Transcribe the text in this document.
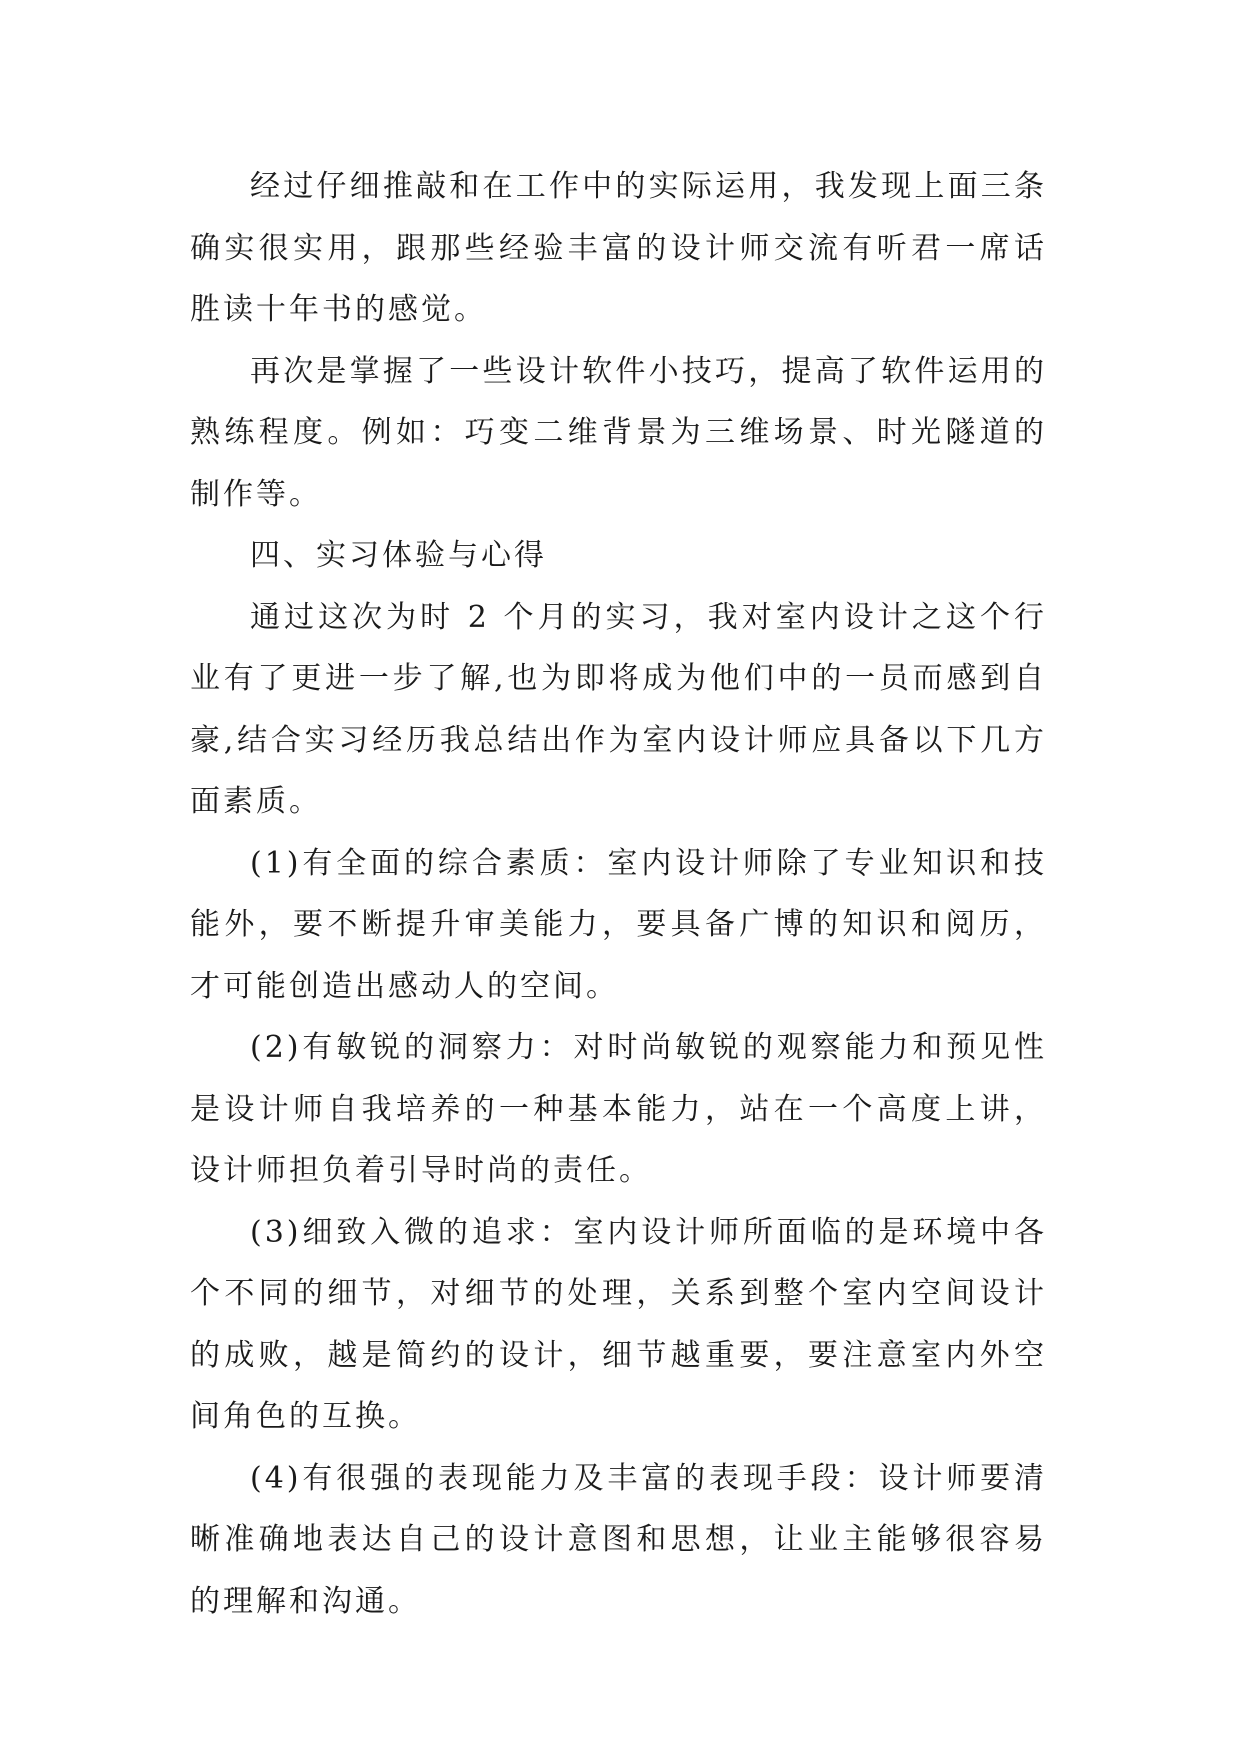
经过仔细推敲和在工作中的实际运用，我发现上面三条确实很实用，跟那些经验丰富的设计师交流有听君一席话胜读十年书的感觉。

再次是掌握了一些设计软件小技巧，提高了软件运用的熟练程度。例如：巧变二维背景为三维场景、时光隧道的制作等。

四、实习体验与心得

通过这次为时 2 个月的实习，我对室内设计之这个行业有了更进一步了解,也为即将成为他们中的一员而感到自豪,结合实习经历我总结出作为室内设计师应具备以下几方面素质。

(1)有全面的综合素质：室内设计师除了专业知识和技能外，要不断提升审美能力，要具备广博的知识和阅历，才可能创造出感动人的空间。

(2)有敏锐的洞察力：对时尚敏锐的观察能力和预见性是设计师自我培养的一种基本能力，站在一个高度上讲，设计师担负着引导时尚的责任。

(3)细致入微的追求：室内设计师所面临的是环境中各个不同的细节，对细节的处理，关系到整个室内空间设计的成败，越是简约的设计，细节越重要，要注意室内外空间角色的互换。

(4)有很强的表现能力及丰富的表现手段：设计师要清晰准确地表达自己的设计意图和思想，让业主能够很容易的理解和沟通。
